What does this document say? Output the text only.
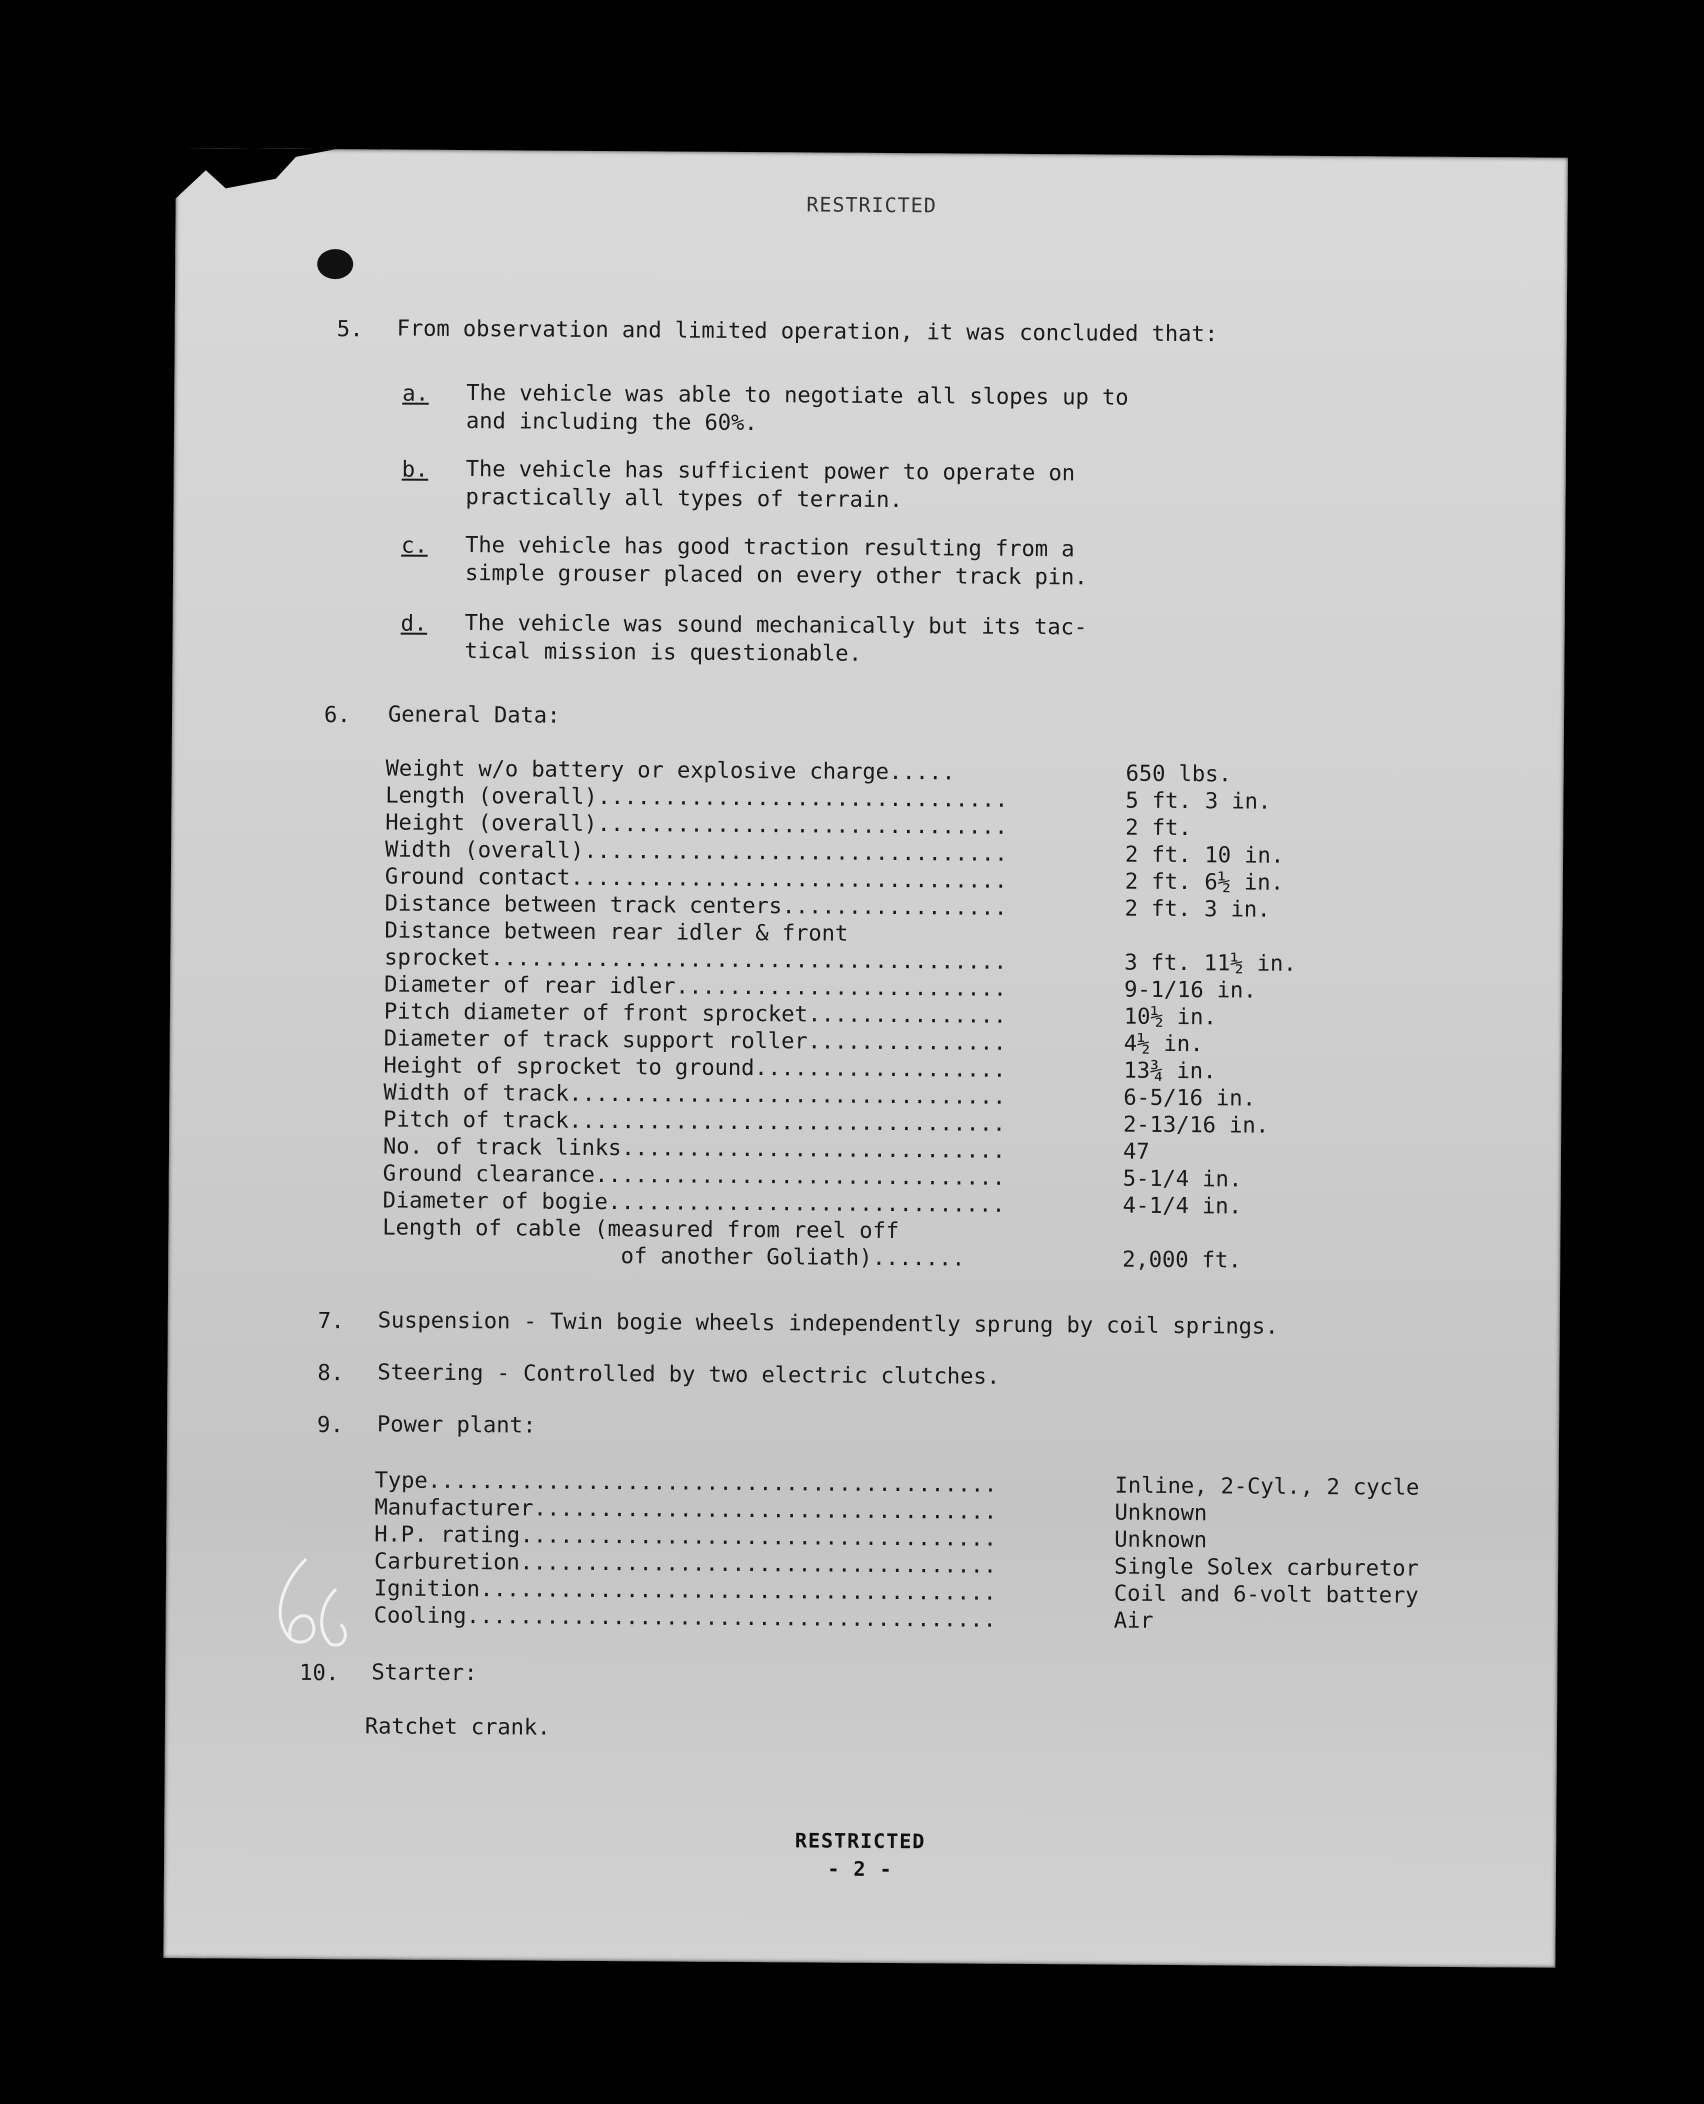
RESTRICTED
5. From observation and limited operation, it was concluded that:
a. The vehicle was able to negotiate all slopes up to
and including the 60%.
b. The vehicle has sufficient power to operate on
practically all types of terrain.
c. The vehicle has good traction resulting from a
simple grouser placed on every other track pin.
d. The vehicle was sound mechanically but its tac-
tical mission is questionable.
6. General Data:
Weight w/o battery or explosive charge.....	650 lbs.
Length (overall)...............................	5 ft. 3 in.
Height (overall)...............................	2 ft.
Width (overall)................................	2 ft. 10 in.
Ground contact.................................	2 ft. 6½ in.
Distance between track centers.................	2 ft. 3 in.
Distance between rear idler & front
sprocket.......................................	3 ft. 11½ in.
Diameter of rear idler.........................	9-1/16 in.
Pitch diameter of front sprocket...............	10½ in.
Diameter of track support roller...............	4½ in.
Height of sprocket to ground...................	13¾ in.
Width of track.................................	6-5/16 in.
Pitch of track.................................	2-13/16 in.
No. of track links.............................	47
Ground clearance...............................	5-1/4 in.
Diameter of bogie..............................	4-1/4 in.
Length of cable (measured from reel off
of another Goliath).......	2,000 ft.
7. Suspension - Twin bogie wheels independently sprung by coil springs.
8. Steering - Controlled by two electric clutches.
9. Power plant:
Type...........................................	Inline, 2-Cyl., 2 cycle
Manufacturer...................................	Unknown
H.P. rating....................................	Unknown
Carburetion....................................	Single Solex carburetor
Ignition.......................................	Coil and 6-volt battery
Cooling........................................	Air
10. Starter:
Ratchet crank.
RESTRICTED
- 2 -
